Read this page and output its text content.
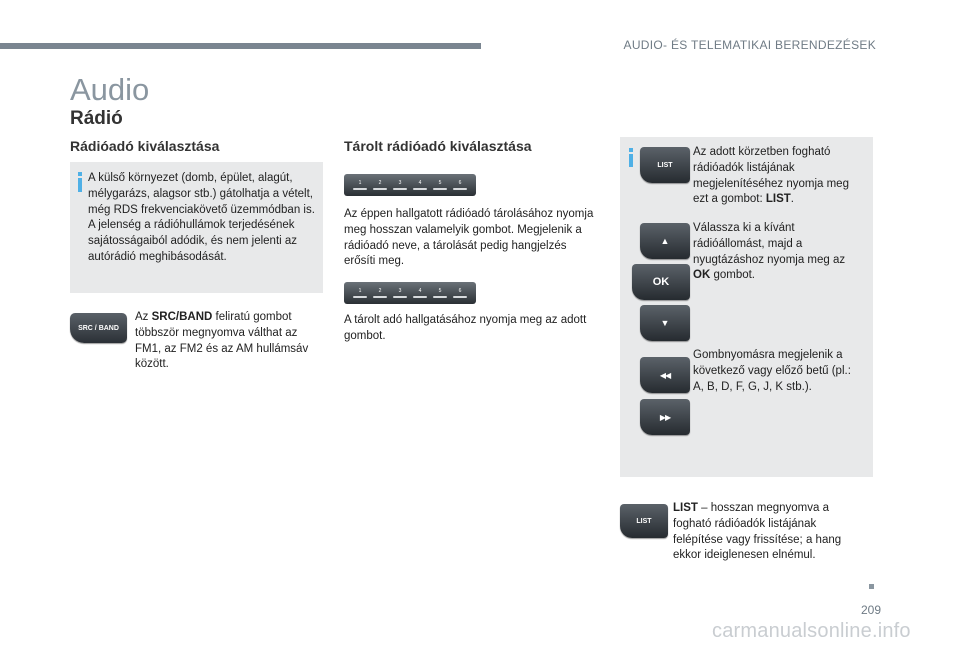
AUDIO- ÉS TELEMATIKAI BERENDEZÉSEK
Audio
Rádió
Rádióadó kiválasztása
A külső környezet (domb, épület, alagút, mélygarázs, alagsor stb.) gátolhatja a vételt, még RDS frekvenciakövető üzemmódban is. A jelenség a rádióhullámok terjedésének sajátosságaiból adódik, és nem jelenti az autórádió meghibásodását.
SRC / BAND
Az SRC/BAND feliratú gombot többször megnyomva válthat az FM1, az FM2 és az AM hullámsáv között.
Tárolt rádióadó kiválasztása
1	2	3	4	5	6
Az éppen hallgatott rádióadó tárolásához nyomja meg hosszan valamelyik gombot. Megjelenik a rádióadó neve, a tárolását pedig hangjelzés erősíti meg.
1	2	3	4	5	6
A tárolt adó hallgatásához nyomja meg az adott gombot.
LIST
Az adott körzetben fogható rádióadók listájának megjelenítéséhez nyomja meg ezt a gombot: LIST.
▲
OK
▼
Válassza ki a kívánt rádióállomást, majd a nyugtázáshoz nyomja meg az OK gombot.
◀◀
▶▶
Gombnyomásra megjelenik a következő vagy előző betű (pl.: A, B, D, F, G, J, K stb.).
LIST
LIST – hosszan megnyomva a fogható rádióadók listájának felépítése vagy frissítése; a hang ekkor ideiglenesen elnémul.
209
carmanualsonline.info
